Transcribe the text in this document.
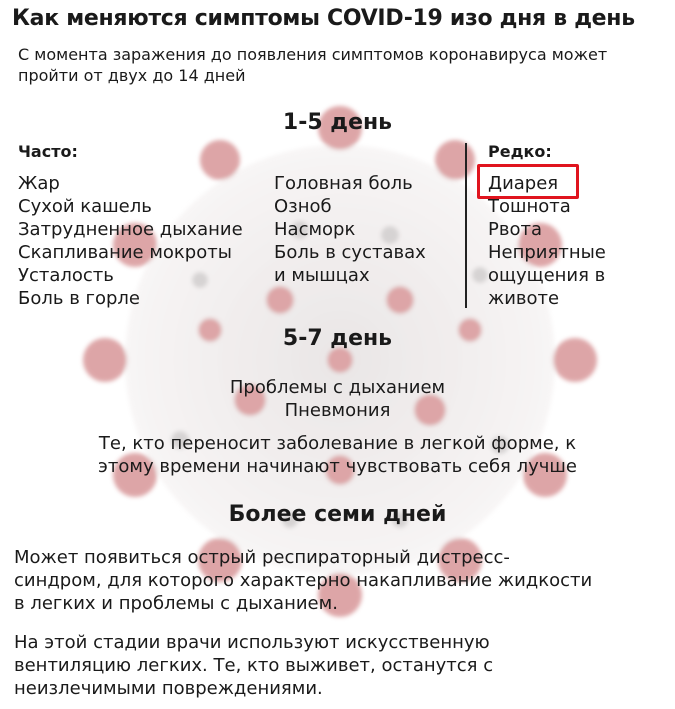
Как меняются симптомы COVID-19 изо дня в день
С момента заражения до появления симптомов коронавируса может пройти от двух до 14 дней
1-5 день
Часто:
Жар
Сухой кашель
Затрудненное дыхание
Скапливание мокроты
Усталость
Боль в горле
Головная боль
Озноб
Насморк
Боль в суставах
и мышцах
Редко:
Диарея
Тошнота
Рвота
Неприятные
ощущения в
животе
5-7 день
Проблемы с дыханием
Пневмония
Те, кто переносит заболевание в легкой форме, к
этому времени начинают чувствовать себя лучше
Более семи дней
Может появиться острый респираторный дистресс-
синдром, для которого характерно накапливание жидкости
в легких и проблемы с дыханием.
На этой стадии врачи используют искусственную
вентиляцию легких. Те, кто выживет, останутся с
неизлечимыми повреждениями.
